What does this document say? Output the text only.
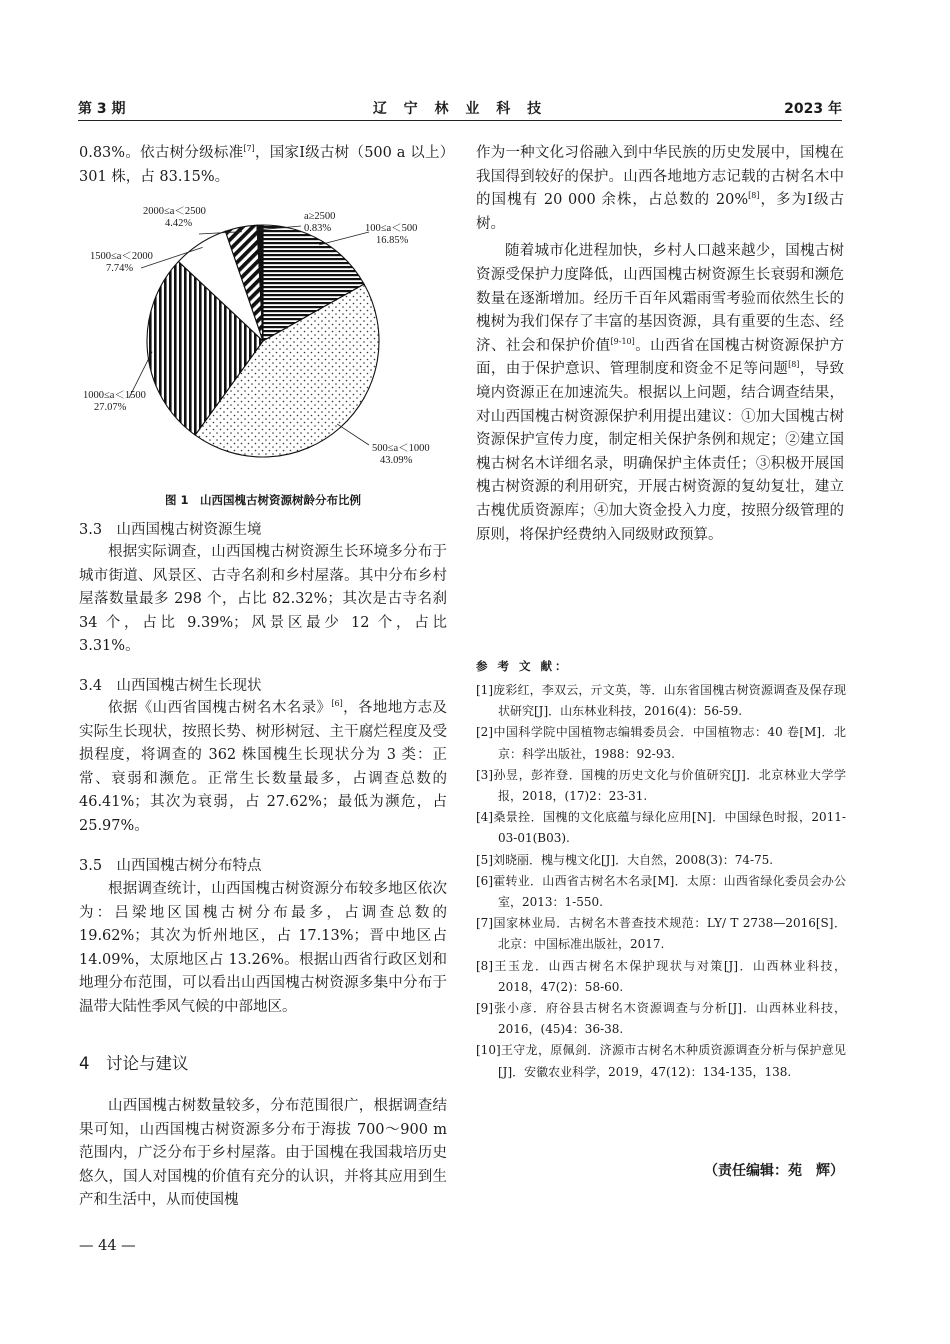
第 3 期	辽 宁 林 业 科 技	2023 年

0.83%。依古树分级标准[7]，国家Ⅰ级古树（500 a 以上）301 株，占 83.15%。

2000≤a＜2500
4.42%
a≥2500
0.83%	100≤a＜500
16.85%
1500≤a＜2000
7.74%
1000≤a＜1500
27.07%
500≤a＜1000
43.09%
图 1　山西国槐古树资源树龄分布比例
3.3　山西国槐古树资源生境

根据实际调查，山西国槐古树资源生长环境多分布于城市街道、风景区、古寺名刹和乡村屋落。其中分布乡村屋落数量最多 298 个，占比 82.32%；其次是古寺名刹 34 个，占比 9.39%；风景区最少 12 个，占比 3.31%。

3.4　山西国槐古树生长现状

依据《山西省国槐古树名木名录》[6]，各地地方志及实际生长现状，按照长势、树形树冠、主干腐烂程度及受损程度，将调查的 362 株国槐生长现状分为 3 类：正常、衰弱和濒危。正常生长数量最多，占调查总数的 46.41%；其次为衰弱，占 27.62%；最低为濒危，占 25.97%。

3.5　山西国槐古树分布特点

根据调查统计，山西国槐古树资源分布较多地区依次为：吕梁地区国槐古树分布最多，占调查总数的 19.62%；其次为忻州地区，占 17.13%；晋中地区占 14.09%，太原地区占 13.26%。根据山西省行政区划和地理分布范围，可以看出山西国槐古树资源多集中分布于温带大陆性季风气候的中部地区。

4　讨论与建议

山西国槐古树数量较多，分布范围很广，根据调查结果可知，山西国槐古树资源多分布于海拔 700～900 m 范围内，广泛分布于乡村屋落。由于国槐在我国栽培历史悠久，国人对国槐的价值有充分的认识，并将其应用到生产和生活中，从而使国槐

作为一种文化习俗融入到中华民族的历史发展中，国槐在我国得到较好的保护。山西各地地方志记载的古树名木中的国槐有 20 000 余株，占总数的 20%[8]，多为Ⅰ级古树。

随着城市化进程加快，乡村人口越来越少，国槐古树资源受保护力度降低，山西国槐古树资源生长衰弱和濒危数量在逐渐增加。经历千百年风霜雨雪考验而依然生长的槐树为我们保存了丰富的基因资源，具有重要的生态、经济、社会和保护价值[9-10]。山西省在国槐古树资源保护方面，由于保护意识、管理制度和资金不足等问题[8]，导致境内资源正在加速流失。根据以上问题，结合调查结果，对山西国槐古树资源保护利用提出建议：①加大国槐古树资源保护宣传力度，制定相关保护条例和规定；②建立国槐古树名木详细名录，明确保护主体责任；③积极开展国槐古树资源的利用研究，开展古树资源的复幼复壮，建立古槐优质资源库；④加大资金投入力度，按照分级管理的原则，将保护经费纳入同级财政预算。

参 考 文 献：

[1]庞彩红，李双云，亓文英，等．山东省国槐古树资源调查及保存现状研究[J]．山东林业科技，2016(4)：56-59.

[2]中国科学院中国植物志编辑委员会．中国植物志：40 卷[M]．北京：科学出版社，1988：92-93.

[3]孙昱，彭祚登．国槐的历史文化与价值研究[J]．北京林业大学学报，2018，(17)2：23-31.

[4]桑景拴．国槐的文化底蕴与绿化应用[N]．中国绿色时报，2011-03-01(B03).

[5]刘晓丽．槐与槐文化[J]．大自然，2008(3)：74-75.

[6]霍转业．山西省古树名木名录[M]．太原：山西省绿化委员会办公室，2013：1-550.

[7]国家林业局．古树名木普查技术规范：LY/ T 2738—2016[S]．北京：中国标准出版社，2017.

[8]王玉龙．山西古树名木保护现状与对策[J]．山西林业科技，2018，47(2)：58-60.

[9]张小彦．府谷县古树名木资源调查与分析[J]．山西林业科技，2016，(45)4：36-38.

[10]王守龙，原佩剑．济源市古树名木种质资源调查分析与保护意见[J]．安徽农业科学，2019，47(12)：134-135，138.

（责任编辑：苑　辉）
— 44 —
